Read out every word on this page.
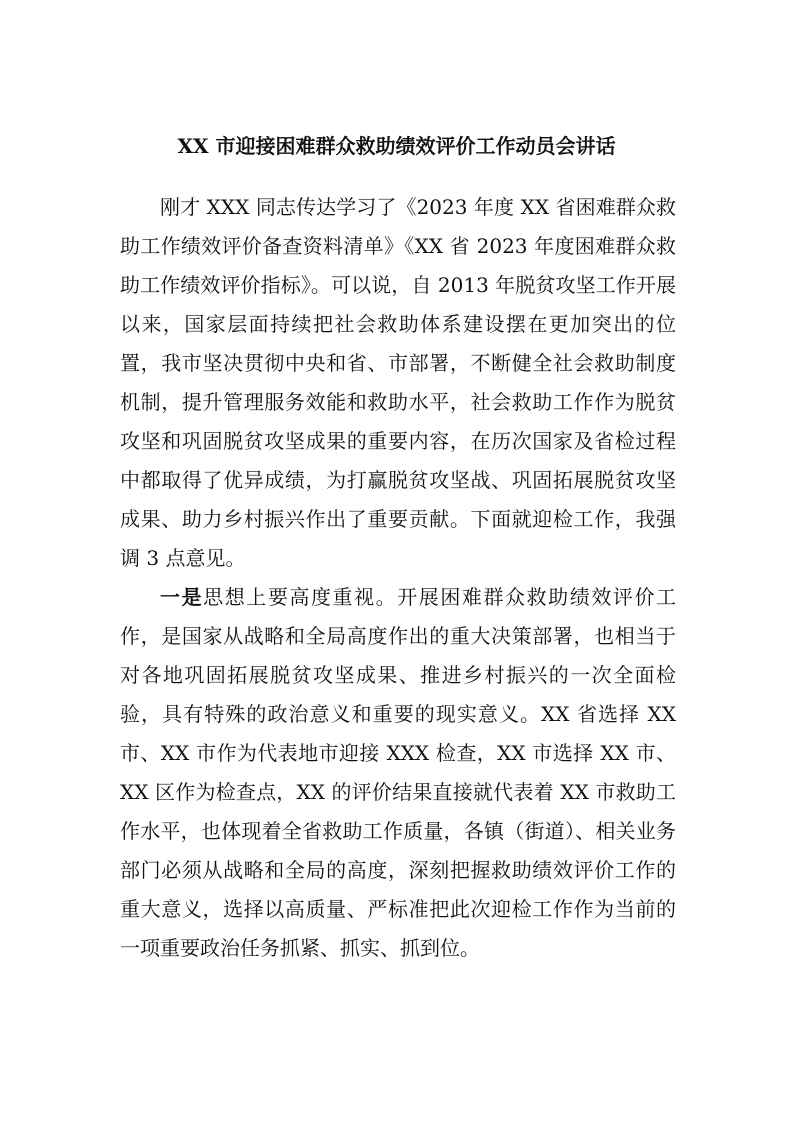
XX 市迎接困难群众救助绩效评价工作动员会讲话

刚才 XXX 同志传达学习了《2023 年度 XX 省困难群众救助工作绩效评价备查资料清单》《XX 省 2023 年度困难群众救助工作绩效评价指标》。可以说，自 2013 年脱贫攻坚工作开展以来，国家层面持续把社会救助体系建设摆在更加突出的位置，我市坚决贯彻中央和省、市部署，不断健全社会救助制度机制，提升管理服务效能和救助水平，社会救助工作作为脱贫攻坚和巩固脱贫攻坚成果的重要内容，在历次国家及省检过程中都取得了优异成绩，为打赢脱贫攻坚战、巩固拓展脱贫攻坚成果、助力乡村振兴作出了重要贡献。下面就迎检工作，我强调 3 点意见。

一是思想上要高度重视。开展困难群众救助绩效评价工作，是国家从战略和全局高度作出的重大决策部署，也相当于对各地巩固拓展脱贫攻坚成果、推进乡村振兴的一次全面检验，具有特殊的政治意义和重要的现实意义。XX 省选择 XX 市、XX 市作为代表地市迎接 XXX 检查，XX 市选择 XX 市、XX 区作为检查点，XX 的评价结果直接就代表着 XX 市救助工作水平，也体现着全省救助工作质量，各镇（街道）、相关业务部门必须从战略和全局的高度，深刻把握救助绩效评价工作的重大意义，选择以高质量、严标准把此次迎检工作作为当前的一项重要政治任务抓紧、抓实、抓到位。
